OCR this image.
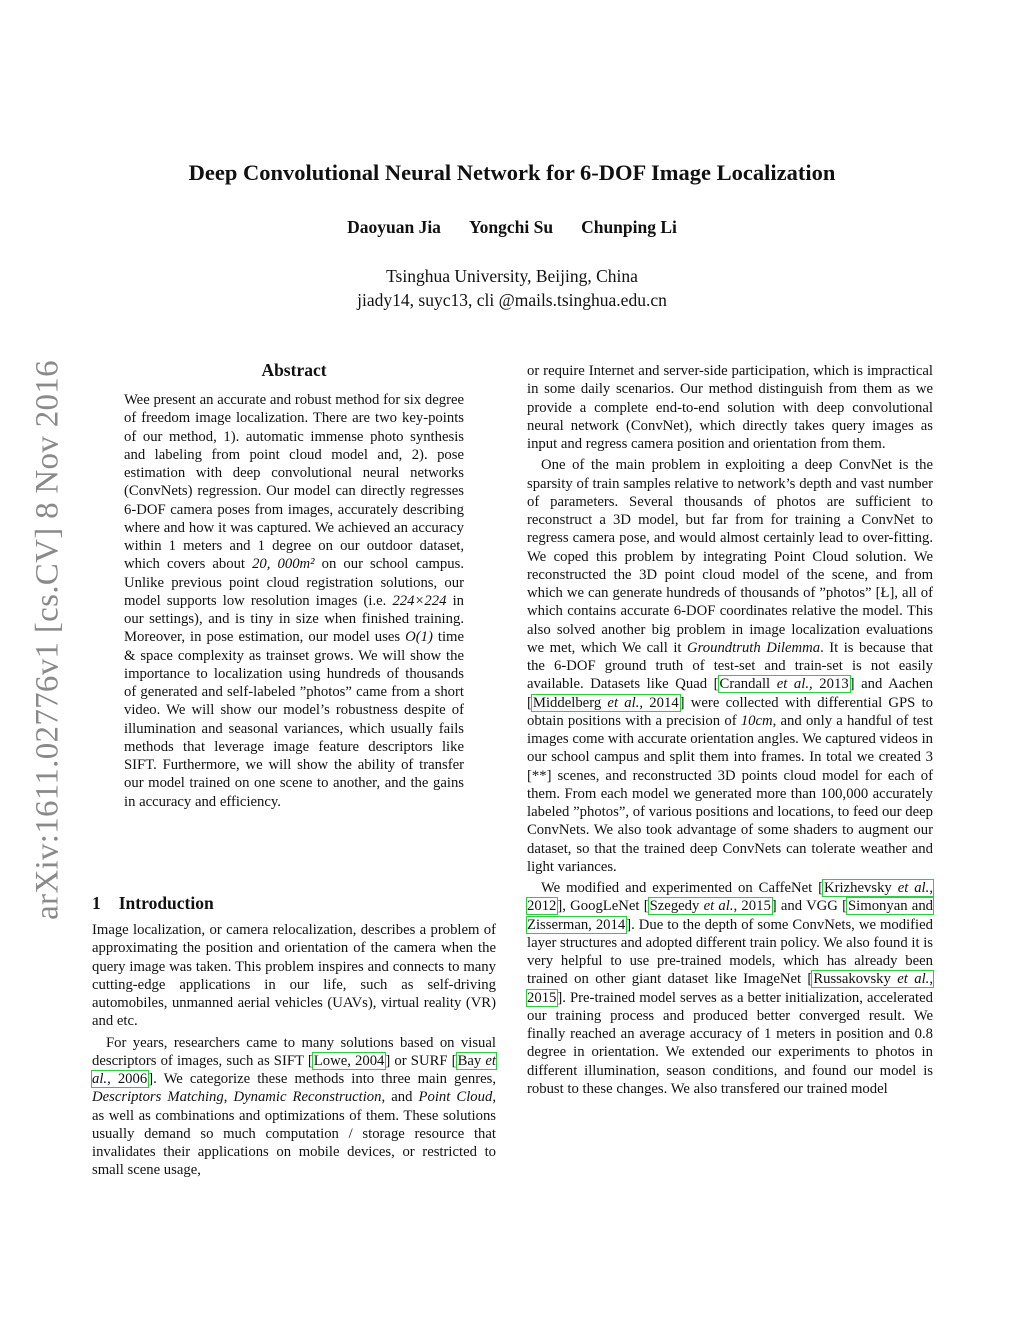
arXiv:1611.02776v1 [cs.CV] 8 Nov 2016
Deep Convolutional Neural Network for 6-DOF Image Localization
Daoyuan Jia Yongchi Su Chunping Li
Tsinghua University, Beijing, China
jiady14, suyc13, cli @mails.tsinghua.edu.cn
Abstract

Wee present an accurate and robust method for six degree of freedom image localization. There are two key-points of our method, 1). automatic immense photo synthesis and labeling from point cloud model and, 2). pose estimation with deep convolutional neural networks (ConvNets) regression. Our model can directly regresses 6-DOF camera poses from images, accurately describing where and how it was captured. We achieved an accuracy within 1 meters and 1 degree on our outdoor dataset, which covers about 20, 000m² on our school campus. Unlike previous point cloud registration solutions, our model supports low resolution images (i.e. 224×224 in our settings), and is tiny in size when finished training. Moreover, in pose estimation, our model uses O(1) time & space complexity as trainset grows. We will show the importance to localization using hundreds of thousands of generated and self-labeled ”photos” came from a short video. We will show our model’s robustness despite of illumination and seasonal variances, which usually fails methods that leverage image feature descriptors like SIFT. Furthermore, we will show the ability of transfer our model trained on one scene to another, and the gains in accuracy and efficiency.

1 Introduction

Image localization, or camera relocalization, describes a problem of approximating the position and orientation of the camera when the query image was taken. This problem inspires and connects to many cutting-edge applications in our life, such as self-driving automobiles, unmanned aerial vehicles (UAVs), virtual reality (VR) and etc.

For years, researchers came to many solutions based on visual descriptors of images, such as SIFT [Lowe, 2004] or SURF [Bay et al., 2006]. We categorize these methods into three main genres, Descriptors Matching, Dynamic Reconstruction, and Point Cloud, as well as combinations and optimizations of them. These solutions usually demand so much computation / storage resource that invalidates their applications on mobile devices, or restricted to small scene usage,

or require Internet and server-side participation, which is impractical in some daily scenarios. Our method distinguish from them as we provide a complete end-to-end solution with deep convolutional neural network (ConvNet), which directly takes query images as input and regress camera position and orientation from them.

One of the main problem in exploiting a deep ConvNet is the sparsity of train samples relative to network’s depth and vast number of parameters. Several thousands of photos are sufficient to reconstruct a 3D model, but far from for training a ConvNet to regress camera pose, and would almost certainly lead to over-fitting. We coped this problem by integrating Point Cloud solution. We reconstructed the 3D point cloud model of the scene, and from which we can generate hundreds of thousands of ”photos” [Ł], all of which contains accurate 6-DOF coordinates relative the model. This also solved another big problem in image localization evaluations we met, which We call it Groundtruth Dilemma. It is because that the 6-DOF ground truth of test-set and train-set is not easily available. Datasets like Quad [Crandall et al., 2013] and Aachen [Middelberg et al., 2014] were collected with differential GPS to obtain positions with a precision of 10cm, and only a handful of test images come with accurate orientation angles. We captured videos in our school campus and split them into frames. In total we created 3 [**] scenes, and reconstructed 3D points cloud model for each of them. From each model we generated more than 100,000 accurately labeled ”photos”, of various positions and locations, to feed our deep ConvNets. We also took advantage of some shaders to augment our dataset, so that the trained deep ConvNets can tolerate weather and light variances.

We modified and experimented on CaffeNet [Krizhevsky et al., 2012], GoogLeNet [Szegedy et al., 2015] and VGG [Simonyan and Zisserman, 2014]. Due to the depth of some ConvNets, we modified layer structures and adopted different train policy. We also found it is very helpful to use pre-trained models, which has already been trained on other giant dataset like ImageNet [Russakovsky et al., 2015]. Pre-trained model serves as a better initialization, accelerated our training process and produced better converged result. We finally reached an average accuracy of 1 meters in position and 0.8 degree in orientation. We extended our experiments to photos in different illumination, season conditions, and found our model is robust to these changes. We also transfered our trained model
